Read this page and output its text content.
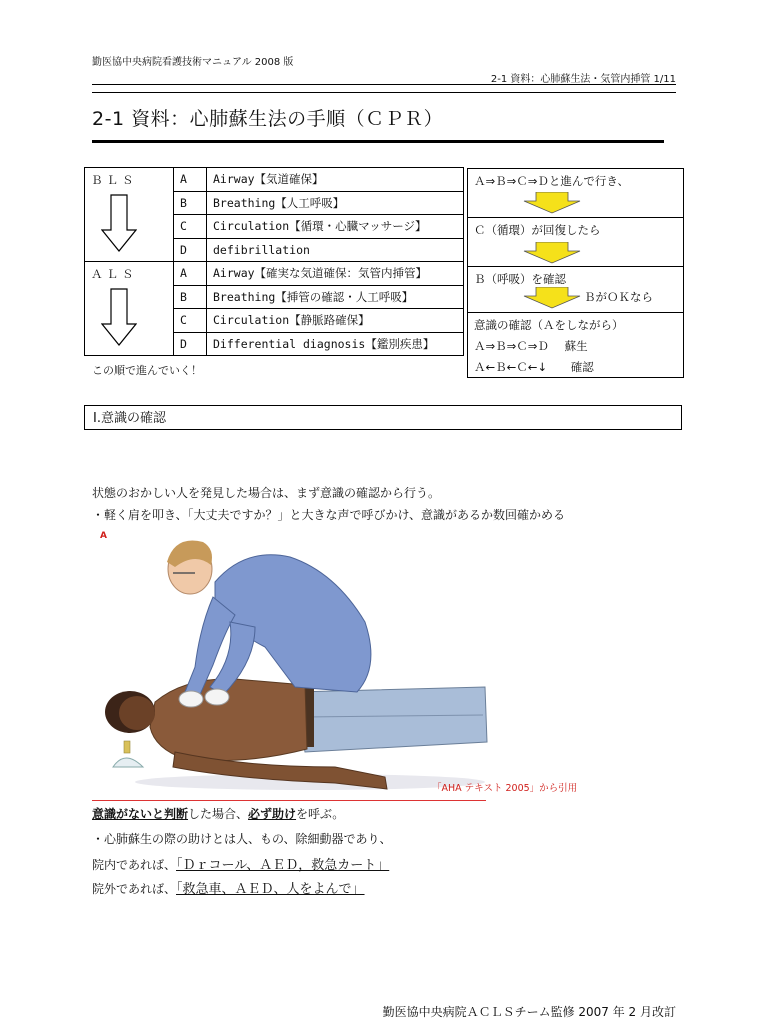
勤医協中央病院看護技術マニュアル 2008 版
2-1 資料：心肺蘇生法・気管内挿管 1/11
2-1 資料：心肺蘇生法の手順（ＣＰＲ）
ＢＬＳ	A	Airway【気道確保】
	B	Breathing【人工呼吸】
	C	Circulation【循環・心臓マッサージ】
	D	defibrillation
ＡＬＳ	A	Airway【確実な気道確保：気管内挿管】
	B	Breathing【挿管の確認・人工呼吸】
	C	Circulation【静脈路確保】
	D	Differential diagnosis【鑑別疾患】
この順で進んでいく！
Ａ⇒Ｂ⇒Ｃ⇒Ｄと進んで行き、
Ｃ（循環）が回復したら
Ｂ（呼吸）を確認
ＢがＯＫなら
意識の確認（Ａをしながら）
Ａ⇒Ｂ⇒Ｃ⇒Ｄ 蘇生
Ａ←Ｂ←Ｃ←↓ 確認
Ⅰ.意識の確認
状態のおかしい人を発見した場合は、まず意識の確認から行う。
・軽く肩を叩き、「大丈夫ですか？」と大きな声で呼びかけ、意識があるか数回確かめる
A
「AHA テキスト 2005」から引用
意識がないと判断した場合、必ず助けを呼ぶ。
・心肺蘇生の際の助けとは人、もの、除細動器であり、
院内であれば、「Ｄｒコール、ＡＥＤ，救急カート」
院外であれば、「救急車、ＡＥＤ、人をよんで」
勤医協中央病院ＡＣＬＳチーム監修 2007 年 2 月改訂
